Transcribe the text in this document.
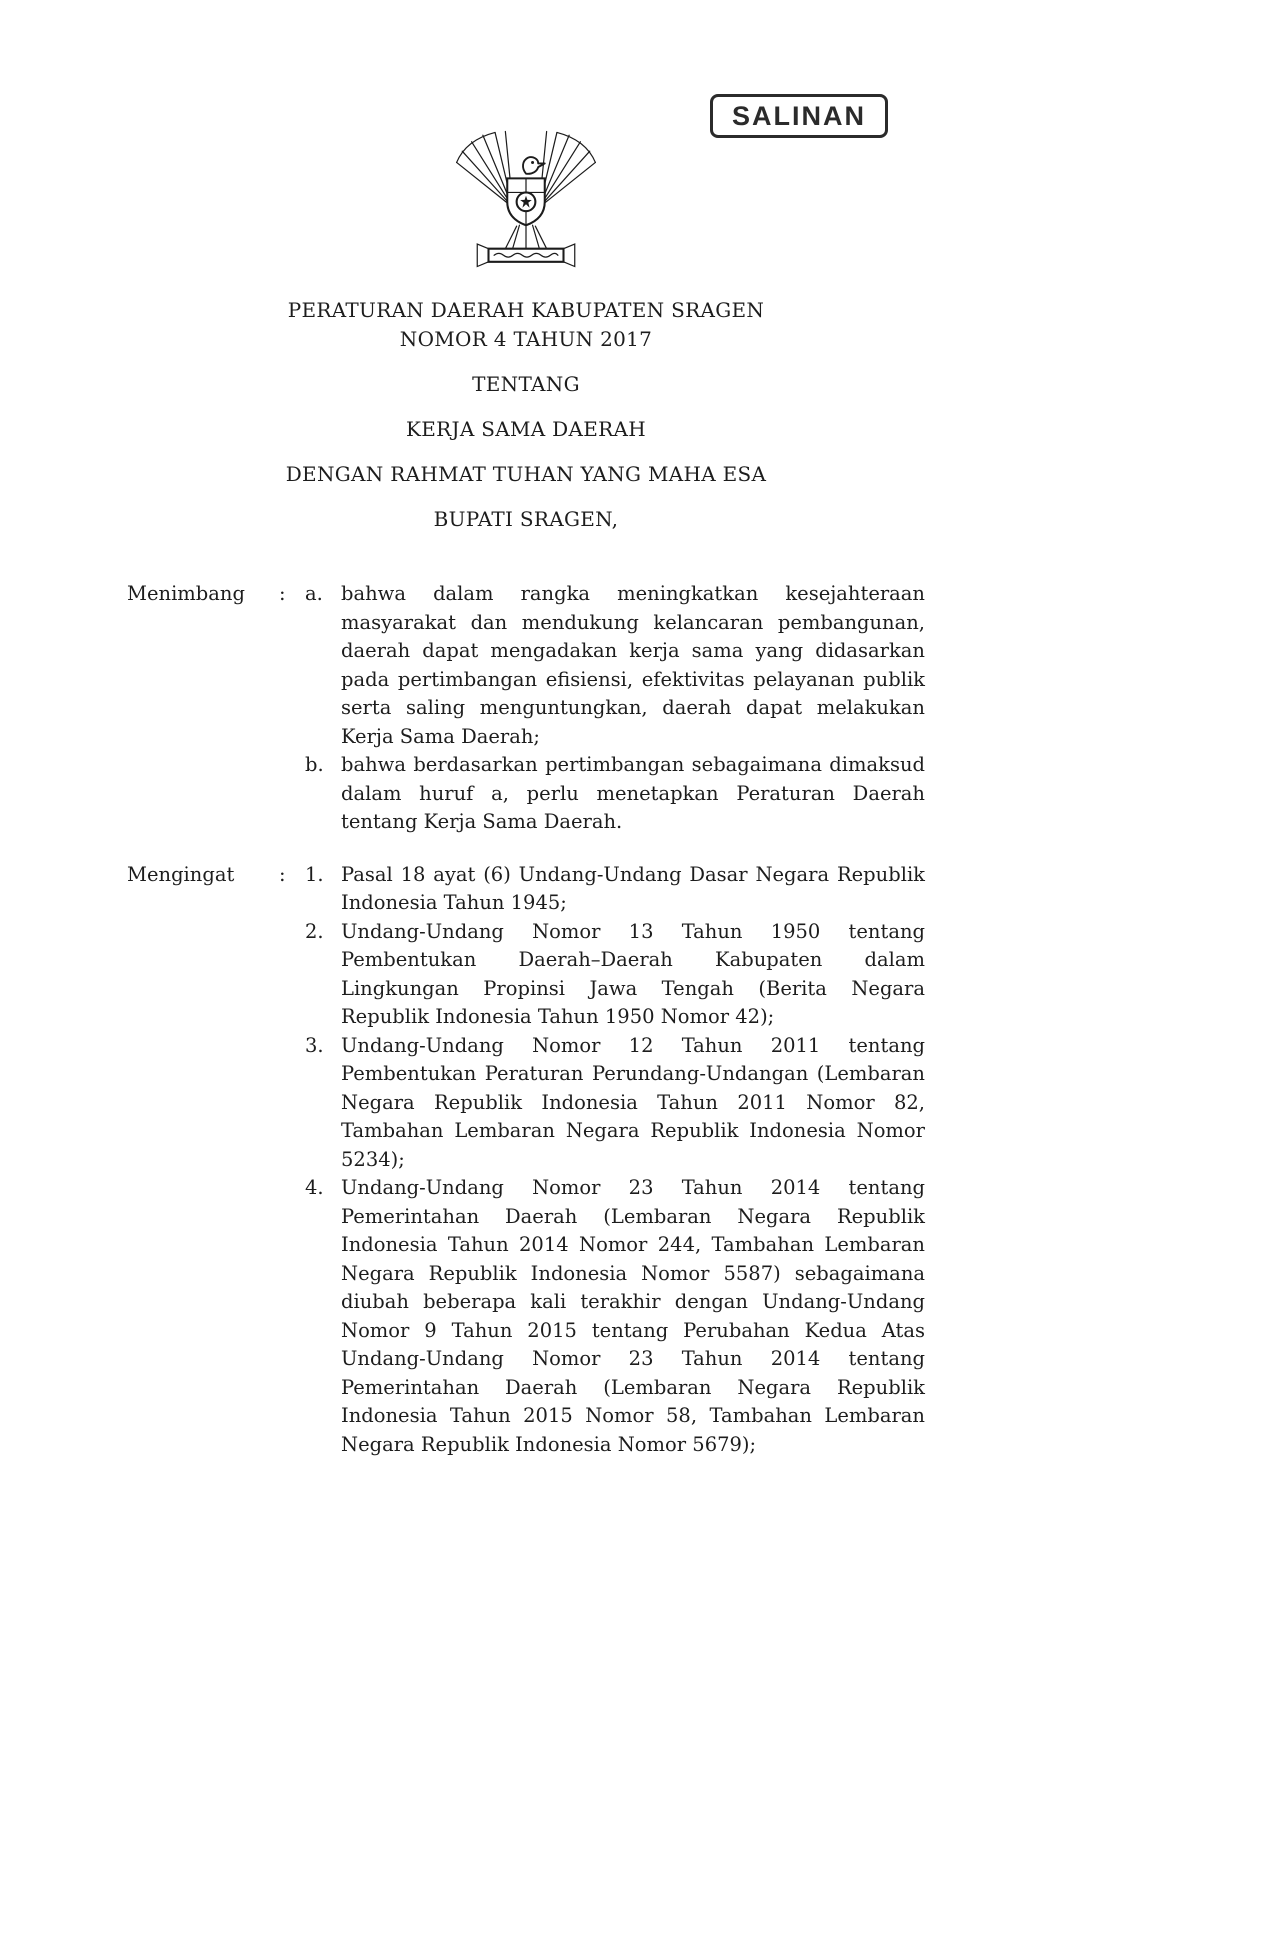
SALINAN
PERATURAN DAERAH KABUPATEN SRAGEN
NOMOR 4 TAHUN 2017
TENTANG
KERJA SAMA DAERAH
DENGAN RAHMAT TUHAN YANG MAHA ESA
BUPATI SRAGEN,
Menimbang	: a. bahwa dalam rangka meningkatkan kesejahteraan masyarakat dan mendukung kelancaran pembangunan, daerah dapat mengadakan kerja sama yang didasarkan pada pertimbangan efisiensi, efektivitas pelayanan publik serta saling menguntungkan, daerah dapat melakukan Kerja Sama Daerah;
b. bahwa berdasarkan pertimbangan sebagaimana dimaksud dalam huruf a, perlu menetapkan Peraturan Daerah tentang Kerja Sama Daerah.
Mengingat	: 1. Pasal 18 ayat (6) Undang-Undang Dasar Negara Republik Indonesia Tahun 1945;
2. Undang-Undang Nomor 13 Tahun 1950 tentang Pembentukan Daerah–Daerah Kabupaten dalam Lingkungan Propinsi Jawa Tengah (Berita Negara Republik Indonesia Tahun 1950 Nomor 42);
3. Undang-Undang Nomor 12 Tahun 2011 tentang Pembentukan Peraturan Perundang-Undangan (Lembaran Negara Republik Indonesia Tahun 2011 Nomor 82, Tambahan Lembaran Negara Republik Indonesia Nomor 5234);
4. Undang-Undang Nomor 23 Tahun 2014 tentang Pemerintahan Daerah (Lembaran Negara Republik Indonesia Tahun 2014 Nomor 244, Tambahan Lembaran Negara Republik Indonesia Nomor 5587) sebagaimana diubah beberapa kali terakhir dengan Undang-Undang Nomor 9 Tahun 2015 tentang Perubahan Kedua Atas Undang-Undang Nomor 23 Tahun 2014 tentang Pemerintahan Daerah (Lembaran Negara Republik Indonesia Tahun 2015 Nomor 58, Tambahan Lembaran Negara Republik Indonesia Nomor 5679);
